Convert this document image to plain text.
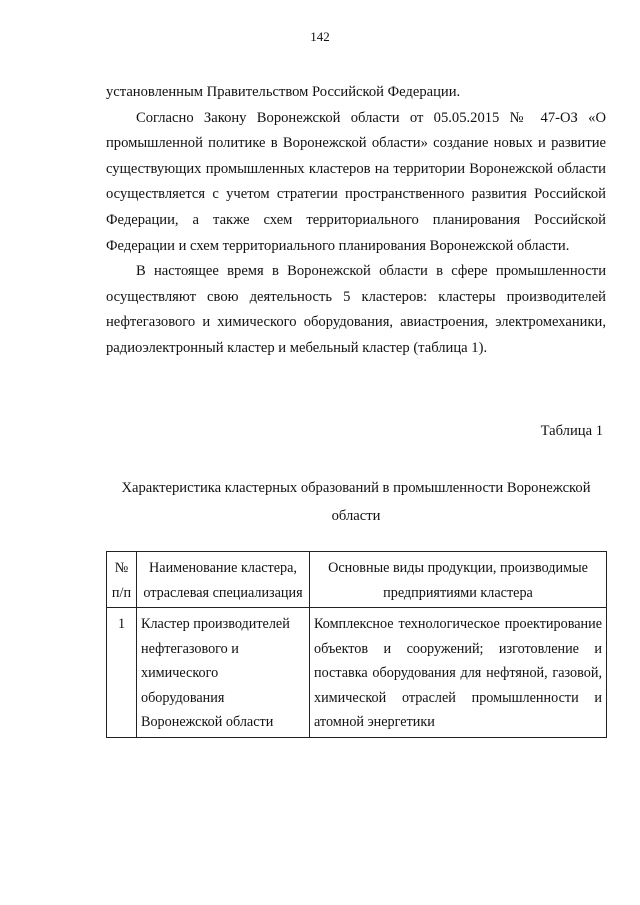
142

установленным Правительством Российской Федерации.

Согласно Закону Воронежской области от 05.05.2015 № 47-ОЗ «О промышленной политике в Воронежской области» создание новых и развитие существующих промышленных кластеров на территории Воронежской области осуществляется с учетом стратегии пространственного развития Российской Федерации, а также схем территориального планирования Российской Федерации и схем территориального планирования Воронежской области.

В настоящее время в Воронежской области в сфере промышленности осуществляют свою деятельность 5 кластеров: кластеры производителей нефтегазового и химического оборудования, авиастроения, электромеханики, радиоэлектронный кластер и мебельный кластер (таблица 1).

Таблица 1
Характеристика кластерных образований в промышленности Воронежской области
№ п/п	Наименование кластера, отраслевая специализация	Основные виды продукции, производимые предприятиями кластера
1	Кластер производителей нефтегазового и химического оборудования Воронежской области	Комплексное технологическое проектирование объектов и сооружений; изготовление и поставка оборудования для нефтяной, газовой, химической отраслей промышленности и атомной энергетики
